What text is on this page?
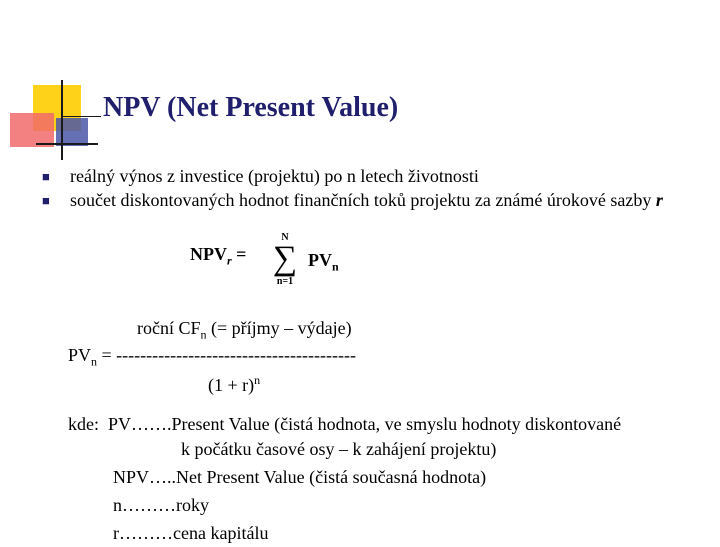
NPV (Net Present Value)
■ reálný výnos z investice (projektu) po n letech životnosti
■ součet diskontovaných hodnot finančních toků projektu za známé úrokové sazby r
$NPV_r$ =
N
∑
n=1
$PV_n$
roční $CF_n$ (= příjmy – výdaje)
$PV_n$ = ----------------------------------------
$(1 + r)^n$
kde: PV…….Present Value (čistá hodnota, ve smyslu hodnoty diskontované
k počátku časové osy – k zahájení projektu)
NPV…..Net Present Value (čistá současná hodnota)
n………roky
r………cena kapitálu
